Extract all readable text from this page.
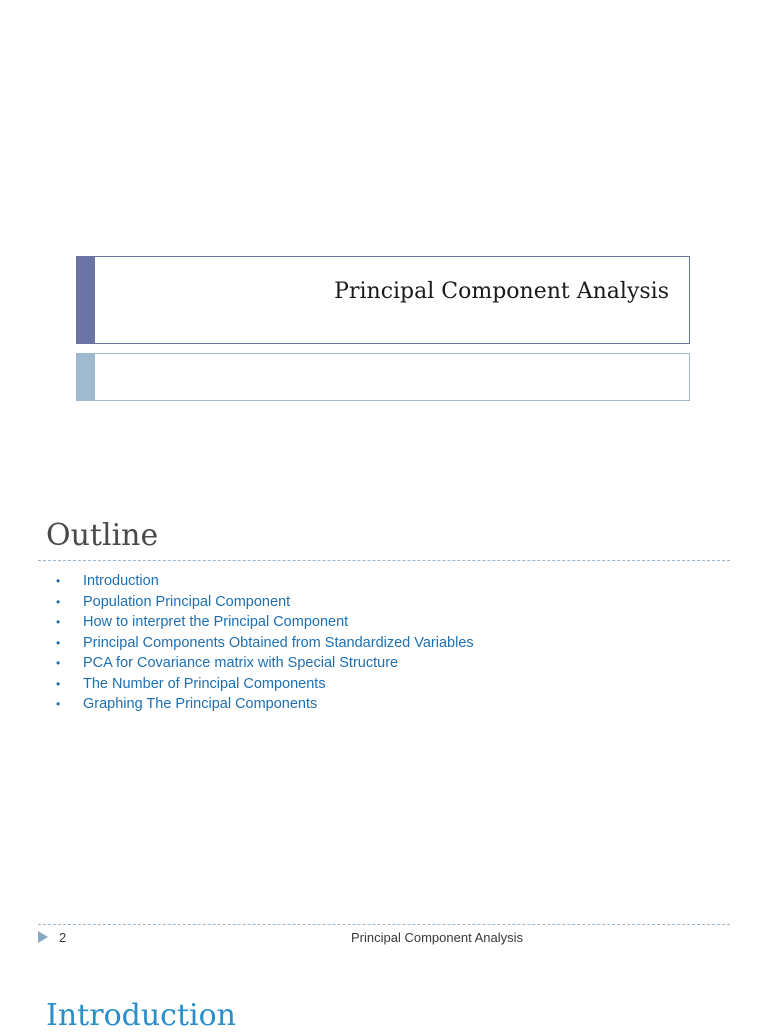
Principal Component Analysis
Outline
• Introduction
• Population Principal Component
• How to interpret the Principal Component
• Principal Components Obtained from Standardized Variables
• PCA for Covariance matrix with Special Structure
• The Number of Principal Components
• Graphing The Principal Components
2	Principal Component Analysis
Introduction
